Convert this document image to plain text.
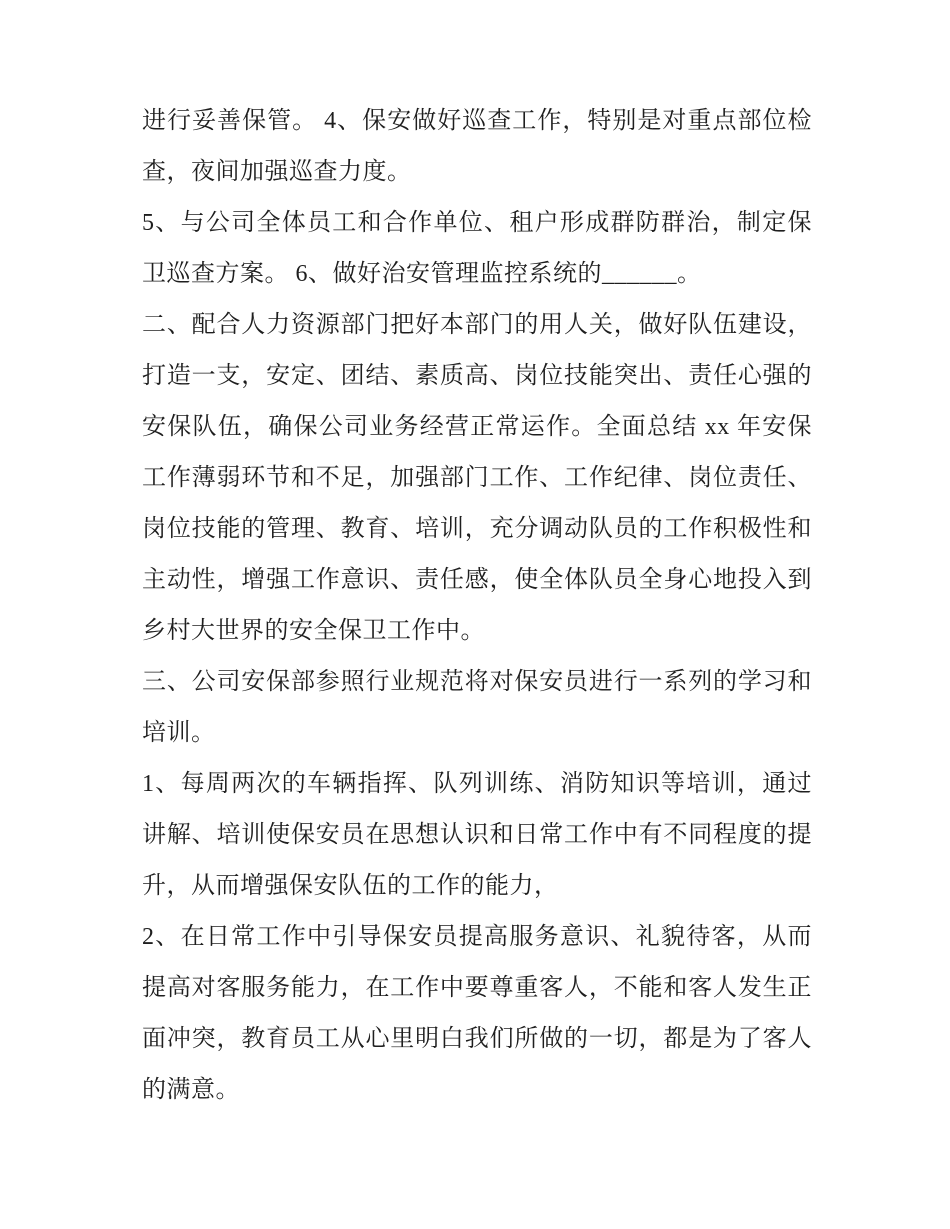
进行妥善保管。 4、保安做好巡查工作，特别是对重点部位检
查，夜间加强巡查力度。
5、与公司全体员工和合作单位、租户形成群防群治，制定保
卫巡查方案。 6、做好治安管理监控系统的______。
二、配合人力资源部门把好本部门的用人关，做好队伍建设，
打造一支，安定、团结、素质高、岗位技能突出、责任心强的
安保队伍，确保公司业务经营正常运作。全面总结 xx 年安保
工作薄弱环节和不足，加强部门工作、工作纪律、岗位责任、
岗位技能的管理、教育、培训，充分调动队员的工作积极性和
主动性，增强工作意识、责任感，使全体队员全身心地投入到
乡村大世界的安全保卫工作中。
三、公司安保部参照行业规范将对保安员进行一系列的学习和
培训。
1、每周两次的车辆指挥、队列训练、消防知识等培训，通过
讲解、培训使保安员在思想认识和日常工作中有不同程度的提
升，从而增强保安队伍的工作的能力，
2、在日常工作中引导保安员提高服务意识、礼貌待客，从而
提高对客服务能力，在工作中要尊重客人，不能和客人发生正
面冲突，教育员工从心里明白我们所做的一切，都是为了客人
的满意。
